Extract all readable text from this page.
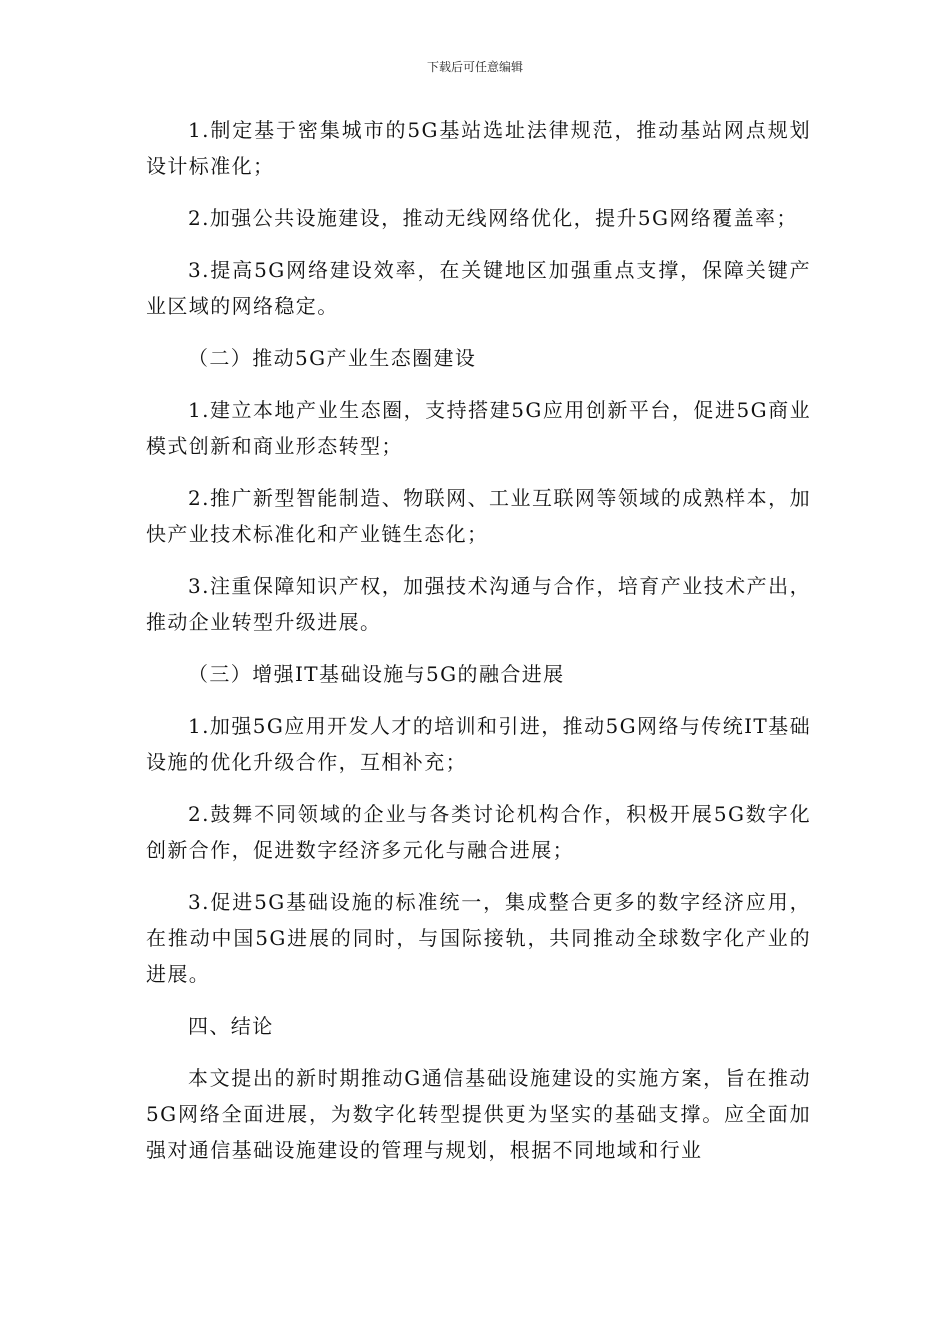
下载后可任意编辑

1.制定基于密集城市的5G基站选址法律规范，推动基站网点规划设计标准化；

2.加强公共设施建设，推动无线网络优化，提升5G网络覆盖率；

3.提高5G网络建设效率，在关键地区加强重点支撑，保障关键产业区域的网络稳定。

（二）推动5G产业生态圈建设

1.建立本地产业生态圈，支持搭建5G应用创新平台，促进5G商业模式创新和商业形态转型；

2.推广新型智能制造、物联网、工业互联网等领域的成熟样本，加快产业技术标准化和产业链生态化；

3.注重保障知识产权，加强技术沟通与合作，培育产业技术产出，推动企业转型升级进展。

（三）增强IT基础设施与5G的融合进展

1.加强5G应用开发人才的培训和引进，推动5G网络与传统IT基础设施的优化升级合作，互相补充；

2.鼓舞不同领域的企业与各类讨论机构合作，积极开展5G数字化创新合作，促进数字经济多元化与融合进展；

3.促进5G基础设施的标准统一，集成整合更多的数字经济应用，在推动中国5G进展的同时，与国际接轨，共同推动全球数字化产业的进展。

四、结论

本文提出的新时期推动G通信基础设施建设的实施方案，旨在推动5G网络全面进展，为数字化转型提供更为坚实的基础支撑。应全面加强对通信基础设施建设的管理与规划，根据不同地域和行业
